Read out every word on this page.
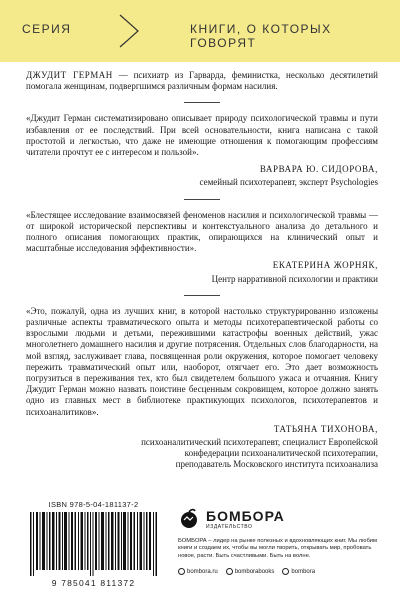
СЕРИЯ	КНИГИ, О КОТОРЫХ ГОВОРЯТ

ДЖУДИТ ГЕРМАН — психиатр из Гарварда, феминистка, несколько десятилетий помогала женщинам, подвергшимся различным формам насилия.

«Джудит Герман систематизировано описывает природу психологической травмы и пути избавления от ее последствий. При всей основательности, книга написана с такой простотой и легкостью, что даже не имеющие отношения к помогающим профессиям читатели прочтут ее с интересом и пользой».

ВАРВАРА Ю. СИДОРОВА,

семейный психотерапевт, эксперт Psychologies

«Блестящее исследование взаимосвязей феноменов насилия и психологической травмы — от широкой исторической перспективы и контекстуального анализа до детального и полного описания помогающих практик, опирающихся на клинический опыт и масштабные исследования эффективности».

ЕКАТЕРИНА ЖОРНЯК,

Центр нарративной психологии и практики

«Это, пожалуй, одна из лучших книг, в которой настолько структурированно изложены различные аспекты травматического опыта и методы психотерапевтической работы со взрослыми людьми и детьми, пережившими катастрофы военных действий, ужас многолетнего домашнего насилия и другие потрясения. Отдельных слов благодарности, на мой взгляд, заслуживает глава, посвященная роли окружения, которое помогает человеку пережить травматический опыт или, наоборот, отягчает его. Это дает возможность погрузиться в переживания тех, кто был свидетелем большого ужаса и отчаяния. Книгу Джудит Герман можно назвать поистине бесценным сокровищем, которое должно занять одно из главных мест в библиотеке практикующих психологов, психотерапевтов и психоаналитиков».

ТАТЬЯНА ТИХОНОВА,

психоаналитический психотерапевт, специалист Европейской
конфедерации психоаналитической психотерапии,
преподаватель Московского института психоанализа
ISBN 978-5-04-181137-2
9 785041 811372
БОМБОРА
ИЗДАТЕЛЬСТВО
БОМБОРА – лидер на рынке полезных и вдохновляющих книг. Мы любим книги и создаем их, чтобы вы могли творить, открывать мир, пробовать новое, расти. Быть счастливыми. Быть на волне.
bombora.ru	bomborabooks	bombora
